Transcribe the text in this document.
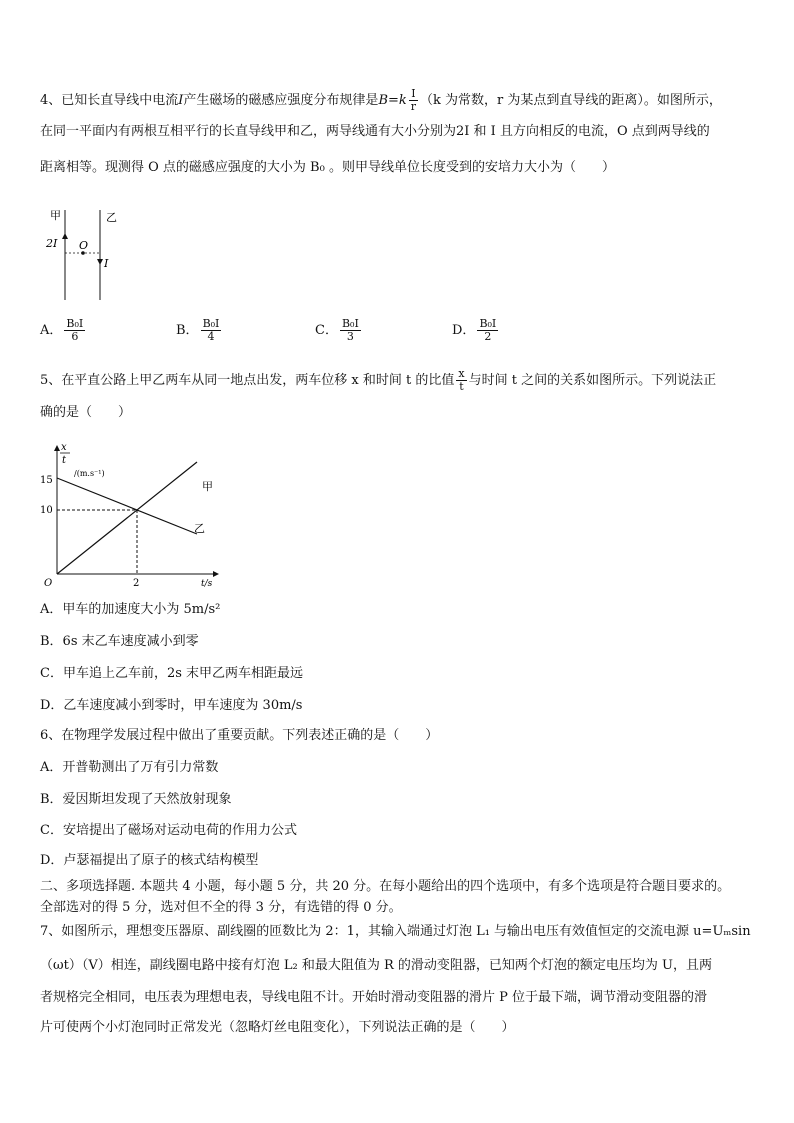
4、已知长直导线中电流I产生磁场的磁感应强度分布规律是$B=k \frac{I}{r} (k$ 为常数，r 为某点到直导线的距离）。如图所示，
在同一平面内有两根互相平行的长直导线甲和乙，两导线通有大小分别为2I 和 I 且方向相反的电流，O 点到两导线的
距离相等。现测得 O 点的磁感应强度的大小为 B₀ 。则甲导线单位长度受到的安培力大小为（　　）
甲	乙
2I O
I
A． $\frac{\text{B₀I}}{6}$	B． $\frac{\text{B₀I}}{4}$	C． $\frac{\text{B₀I}}{3}$	D． $\frac{\text{B₀I}}{2}$
5、在平直公路上甲乙两车从同一地点出发，两车位移 x 和时间 t 的比值 $\frac{x}{t}$ 与时间 t 之间的关系如图所示。下列说法正
确的是（　　）
x
t
/(m.s⁻¹)
15
10
2
O	t/s
甲
乙
A．甲车的加速度大小为 5m/s²
B．6s 末乙车速度减小到零
C．甲车追上乙车前，2s 末甲乙两车相距最远
D．乙车速度减小到零时，甲车速度为 30m/s
6、在物理学发展过程中做出了重要贡献。下列表述正确的是（　　）
A．开普勒测出了万有引力常数
B．爱因斯坦发现了天然放射现象
C．安培提出了磁场对运动电荷的作用力公式
D．卢瑟福提出了原子的核式结构模型
二、多项选择题. 本题共 4 小题，每小题 5 分，共 20 分。在每小题给出的四个选项中，有多个选项是符合题目要求的。
全部选对的得 5 分，选对但不全的得 3 分，有选错的得 0 分。
7、如图所示，理想变压器原、副线圈的匝数比为 2：1，其输入端通过灯泡 L₁ 与输出电压有效值恒定的交流电源 u=Uₘsin
（ωt）（V）相连，副线圈电路中接有灯泡 L₂ 和最大阻值为 R 的滑动变阻器，已知两个灯泡的额定电压均为 U，且两
者规格完全相同，电压表为理想电表，导线电阻不计。开始时滑动变阻器的滑片 P 位于最下端，调节滑动变阻器的滑
片可使两个小灯泡同时正常发光（忽略灯丝电阻变化），下列说法正确的是（　　）
